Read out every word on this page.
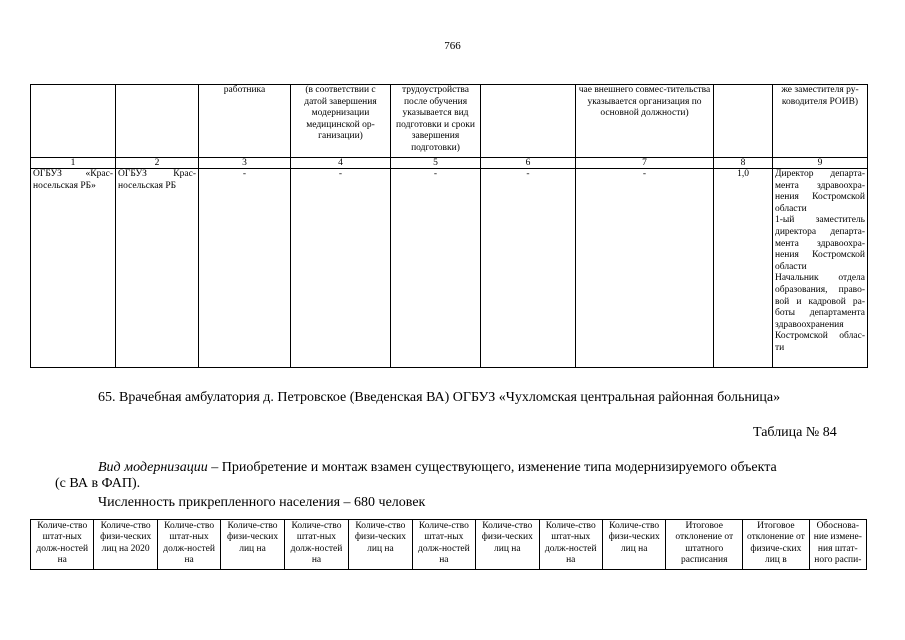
766
		работника	(в соответствии с датой завершения модернизации медицинской ор-ганизации)	трудоустройства после обучения указывается вид подготовки и сроки завершения подготовки)		чае внешнего совмес-тительства указывается организация по основной должности)		же заместителя ру-ководителя РОИВ)
1	2	3	4	5	6	7	8	9
ОГБУЗ «Крас-носельская РБ»	ОГБУЗ Крас-носельская РБ	-	-	-	-	-	1,0	Директор департа-мента здравоохра-нения Костромской области
1-ый заместитель директора департа-мента здравоохра-нения Костромской области
Начальник отдела образования, право-вой и кадровой ра-боты департамента здравоохранения Костромской облас-ти
65. Врачебная амбулатория д. Петровское (Введенская ВА) ОГБУЗ «Чухломская центральная районная больница»
Таблица № 84
Вид модернизации – Приобретение и монтаж взамен существующего, изменение типа модернизируемого объекта
(с ВА в ФАП).
Численность прикрепленного населения – 680 человек
Количе-ство штат-ных долж-ностей на	Количе-ство физи-ческих лиц на 2020	Количе-ство штат-ных долж-ностей на	Количе-ство физи-ческих лиц на	Количе-ство штат-ных долж-ностей на	Количе-ство физи-ческих лиц на	Количе-ство штат-ных долж-ностей на	Количе-ство физи-ческих лиц на	Количе-ство штат-ных долж-ностей на	Количе-ство физи-ческих лиц на	Итоговое отклонение от штатного расписания	Итоговое отклонение от физиче-ских лиц в	Обоснова-ние измене-ния штат-ного распи-
